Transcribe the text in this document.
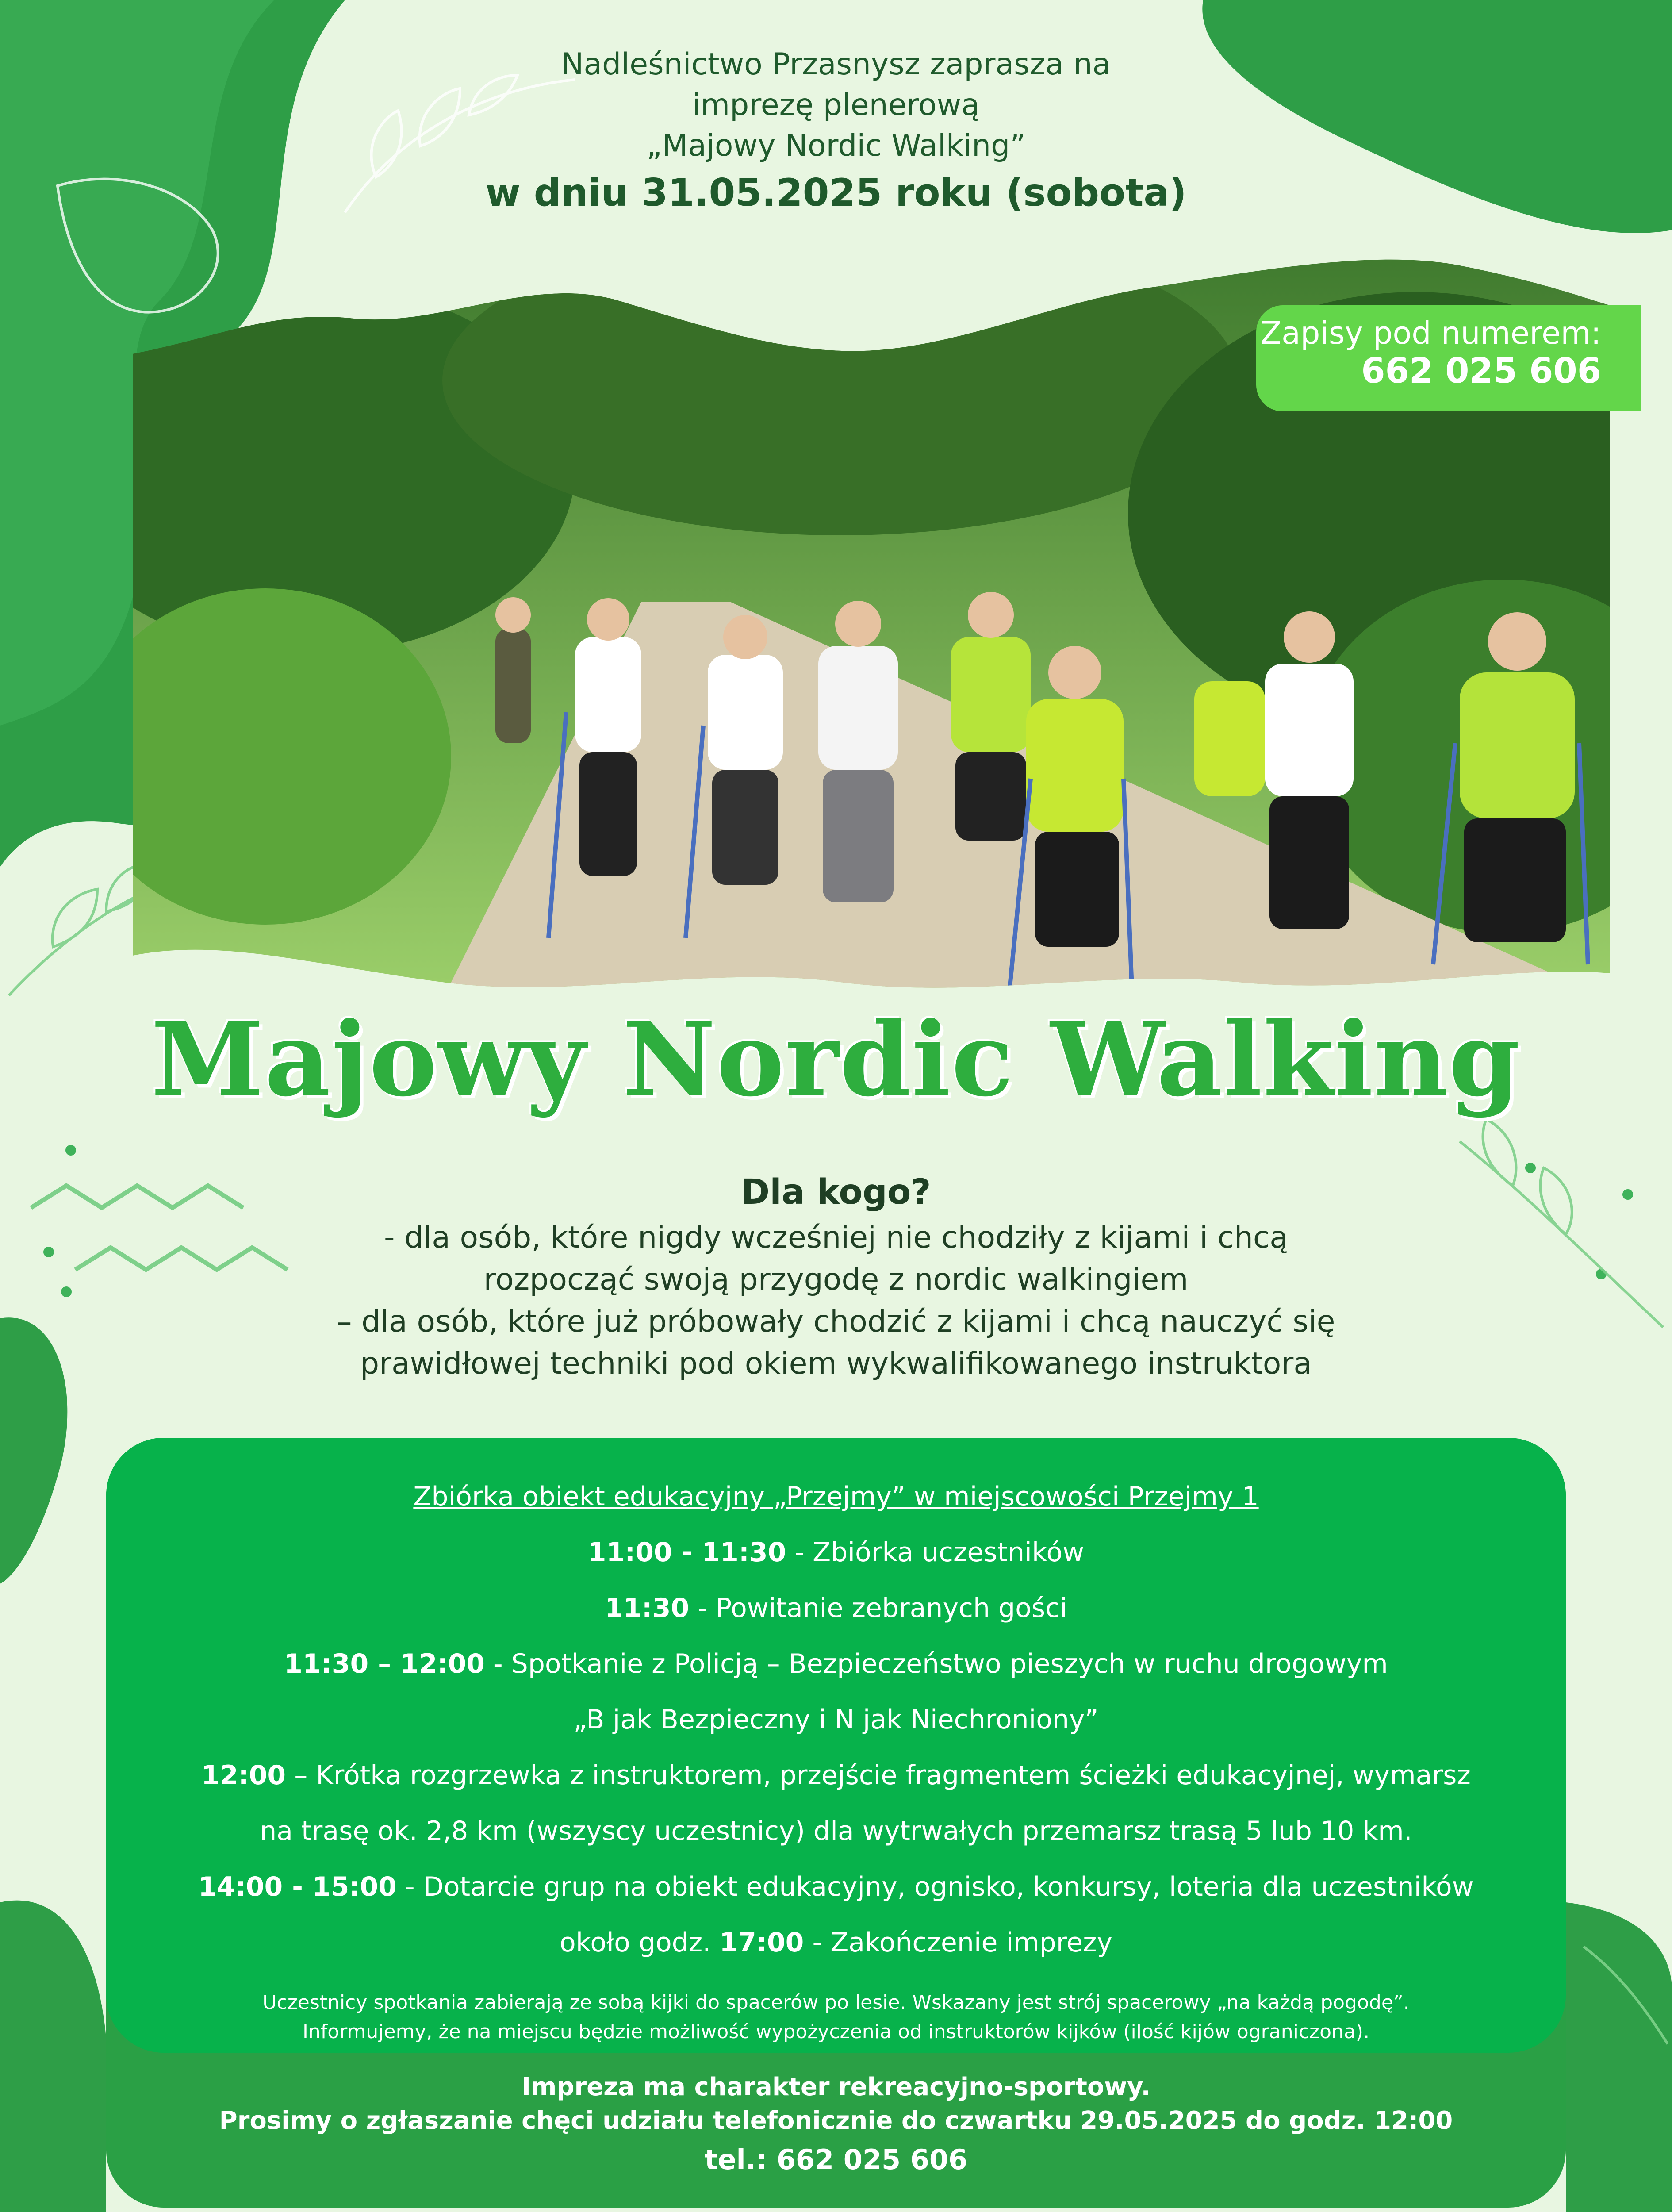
Nadleśnictwo Przasnysz zaprasza na
imprezę plenerową
„Majowy Nordic Walking”
w dniu 31.05.2025 roku (sobota)
Zapisy pod numerem:
662 025 606
Majowy Nordic Walking
Dla kogo?
- dla osób, które nigdy wcześniej nie chodziły z kijami i chcą
rozpocząć swoją przygodę z nordic walkingiem
– dla osób, które już próbowały chodzić z kijami i chcą nauczyć się
prawidłowej techniki pod okiem wykwalifikowanego instruktora
Zbiórka obiekt edukacyjny „Przejmy” w miejscowości Przejmy 1
11:00 - 11:30 - Zbiórka uczestników
11:30 - Powitanie zebranych gości
11:30 – 12:00 - Spotkanie z Policją – Bezpieczeństwo pieszych w ruchu drogowym
„B jak Bezpieczny i N jak Niechroniony”
12:00 – Krótka rozgrzewka z instruktorem, przejście fragmentem ścieżki edukacyjnej, wymarsz
na trasę ok. 2,8 km (wszyscy uczestnicy) dla wytrwałych przemarsz trasą 5 lub 10 km.
14:00 - 15:00 - Dotarcie grup na obiekt edukacyjny, ognisko, konkursy, loteria dla uczestników
około godz. 17:00 - Zakończenie imprezy
Uczestnicy spotkania zabierają ze sobą kijki do spacerów po lesie. Wskazany jest strój spacerowy „na każdą pogodę”.
Informujemy, że na miejscu będzie możliwość wypożyczenia od instruktorów kijków (ilość kijów ograniczona).
Impreza ma charakter rekreacyjno-sportowy.
Prosimy o zgłaszanie chęci udziału telefonicznie do czwartku 29.05.2025 do godz. 12:00
tel.: 662 025 606
